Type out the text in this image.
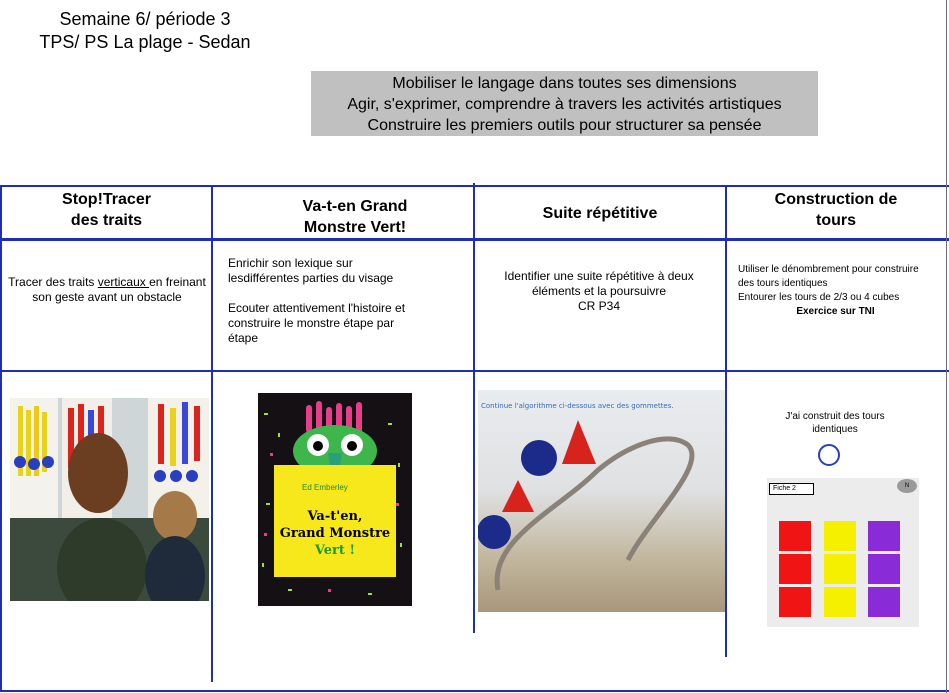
Semaine 6/ période 3
TPS/ PS La plage - Sedan
Mobiliser le langage dans toutes ses dimensions
Agir, s'exprimer, comprendre à travers les activités artistiques
Construire les premiers outils pour structurer sa pensée
Stop!Tracer
des traits
Va-t-en Grand
Monstre Vert!
Suite répétitive
Construction de
tours
Tracer des traits verticaux en freinant son geste avant un obstacle
Enrichir son lexique sur lesdifférentes parties du visage
Ecouter attentivement l'histoire et construire le monstre étape par étape
Identifier une suite répétitive à deux éléments et la poursuivre
CR P34
Utiliser le dénombrement pour construire des tours identiques
Entourer les tours de 2/3 ou 4 cubes
Exercice sur TNI
Ed Emberley
Va-t'en,
Grand Monstre
Vert !
Continue l'algorithme ci-dessous avec des gommettes.
J'ai construit des tours
identiques
Fiche 2	N
